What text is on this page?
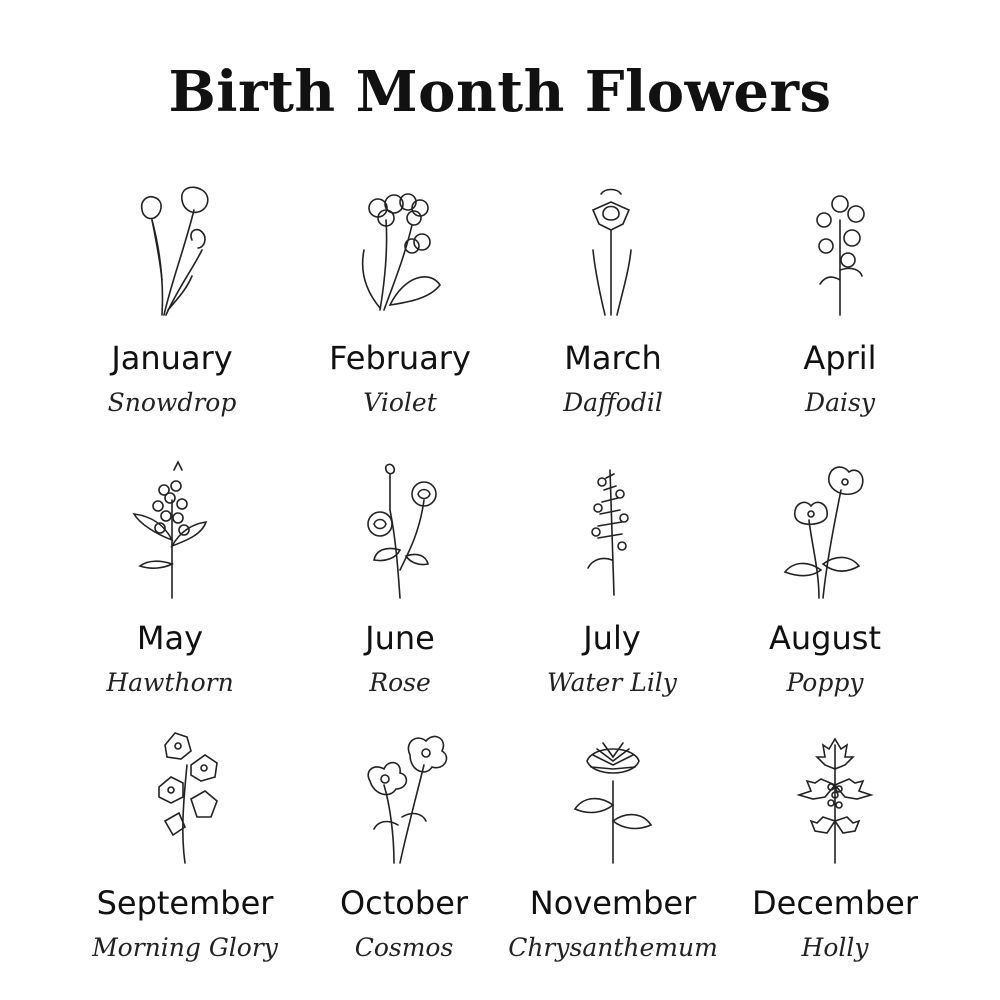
Birth Month Flowers
January
Snowdrop
February
Violet
March
Daffodil
April
Daisy
May
Hawthorn
June
Rose
July
Water Lily
August
Poppy
September
Morning Glory
October
Cosmos
November
Chrysanthemum
December
Holly
